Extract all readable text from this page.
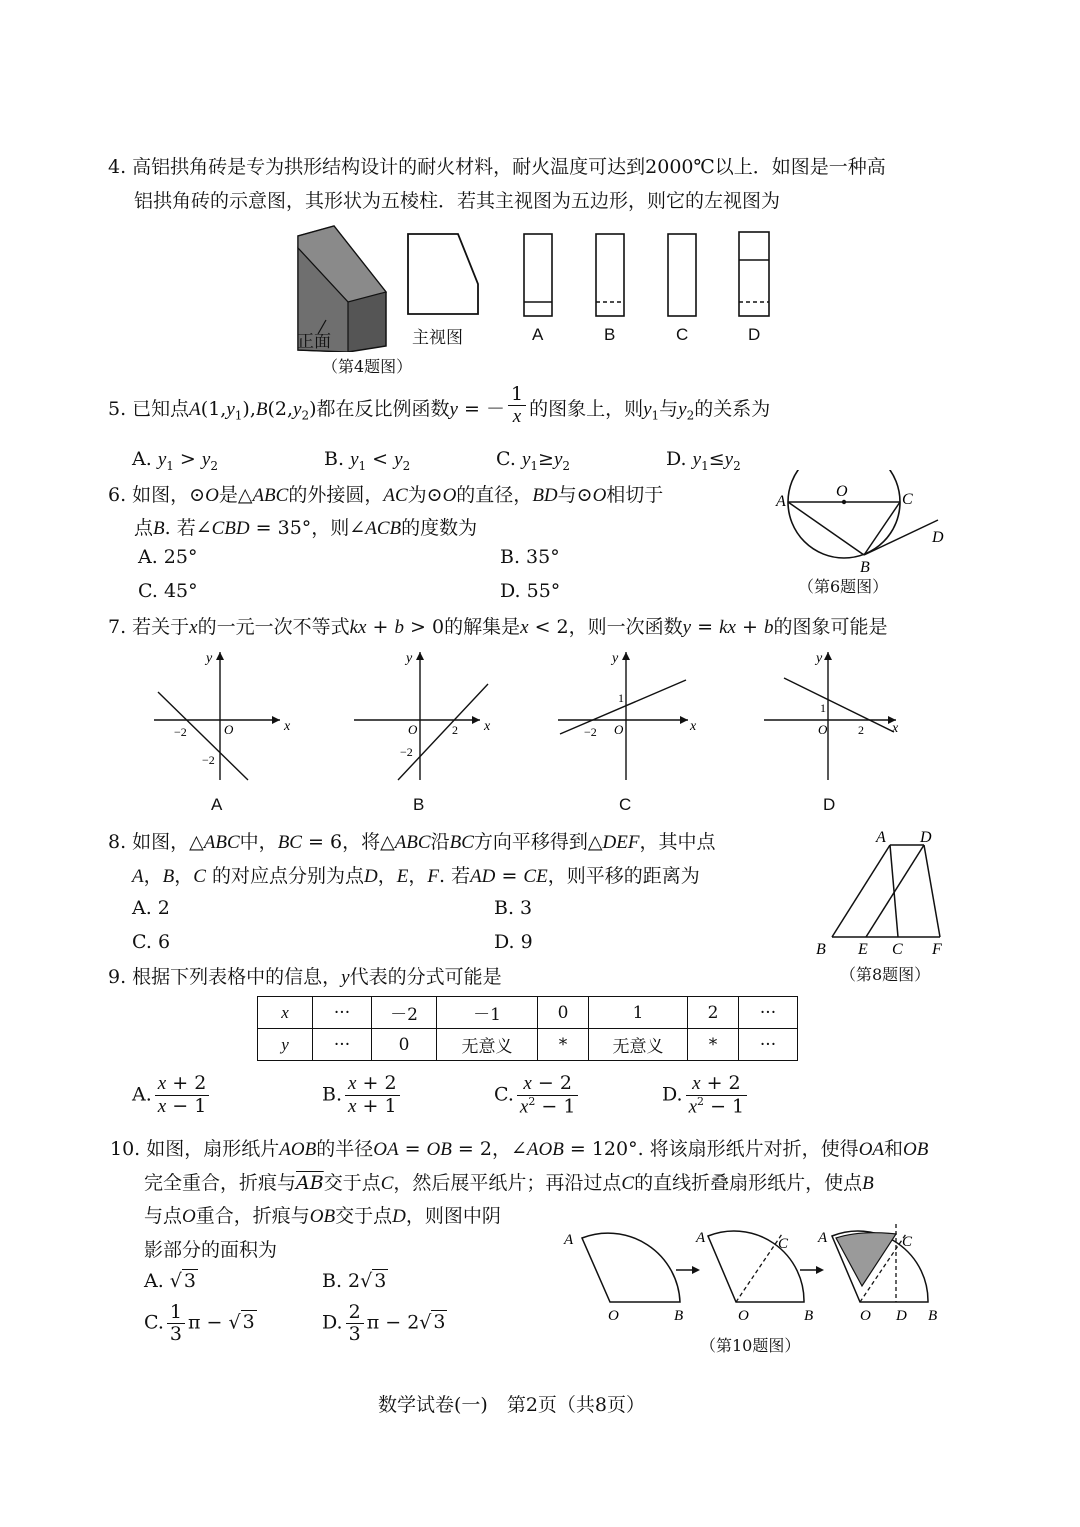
4. 高铝拱角砖是专为拱形结构设计的耐火材料，耐火温度可达到2000℃以上．如图是一种高
铝拱角砖的示意图，其形状为五棱柱．若其主视图为五边形，则它的左视图为
正面	主视图	A	B	C	D
（第4题图）
5. 已知点$A(1,y_1),B(2,y_2)$都在反比例函数y = － $\frac{1}{x}$ 的图象上，则$y_1$与$y_2$的关系为
A. $y_1 > y_2$	B. $y_1 < y_2$	C. $y_1\ge y_2$	D. $y_1\le y_2$
6. 如图，⊙O是△ABC的外接圆，AC为⊙O的直径，BD与⊙O相切于
点B. 若∠CBD = 35°，则∠ACB的度数为
A. 25°	B. 35°
C. 45°	D. 55°
A
O	C
D
B
（第6题图）
7. 若关于x的一元一次不等式kx + b > 0的解集是x < 2，则一次函数y = kx + b的图象可能是
x
y
−2	O
−2
x
y
O	2
−2
x
y
−2 O
1
x
y
O
1
2
A	B	C	D
8. 如图，△ABC中，BC = 6，将△ABC沿BC方向平移得到△DEF，其中点
A，B，C 的对应点分别为点D，E，F. 若AD = CE，则平移的距离为
A. 2	B. 3
C. 6	D. 9
A D
B E C F
（第8题图）
9. 根据下列表格中的信息，y代表的分式可能是
x	···	－2	－1	0	1	2	···
y	···	0	无意义	*	无意义	*	···
A. $\frac{x + 2}{x - 1}$	B. $\frac{x + 2}{x + 1}$	C. $\frac{x - 2}{x^2 - 1}$	D. $\frac{x + 2}{x^2 - 1}$
10. 如图，扇形纸片AOB的半径OA = OB = 2，∠AOB = 120°. 将该扇形纸片对折，使得OA和OB
完全重合，折痕与$\overline{AB}$交于点C，然后展平纸片；再沿过点C的直线折叠扇形纸片，使点B
与点O重合，折痕与OB交于点D，则图中阴
影部分的面积为
A. √ 3	B. 2√ 3
C. $\frac{1}{3}$ π − √ 3	D. $\frac{2}{3}$ π − 2√ 3
A
O	B
A	C
O	B
A	C
O D B
（第10题图）
数学试卷(一)　第2页（共8页）
